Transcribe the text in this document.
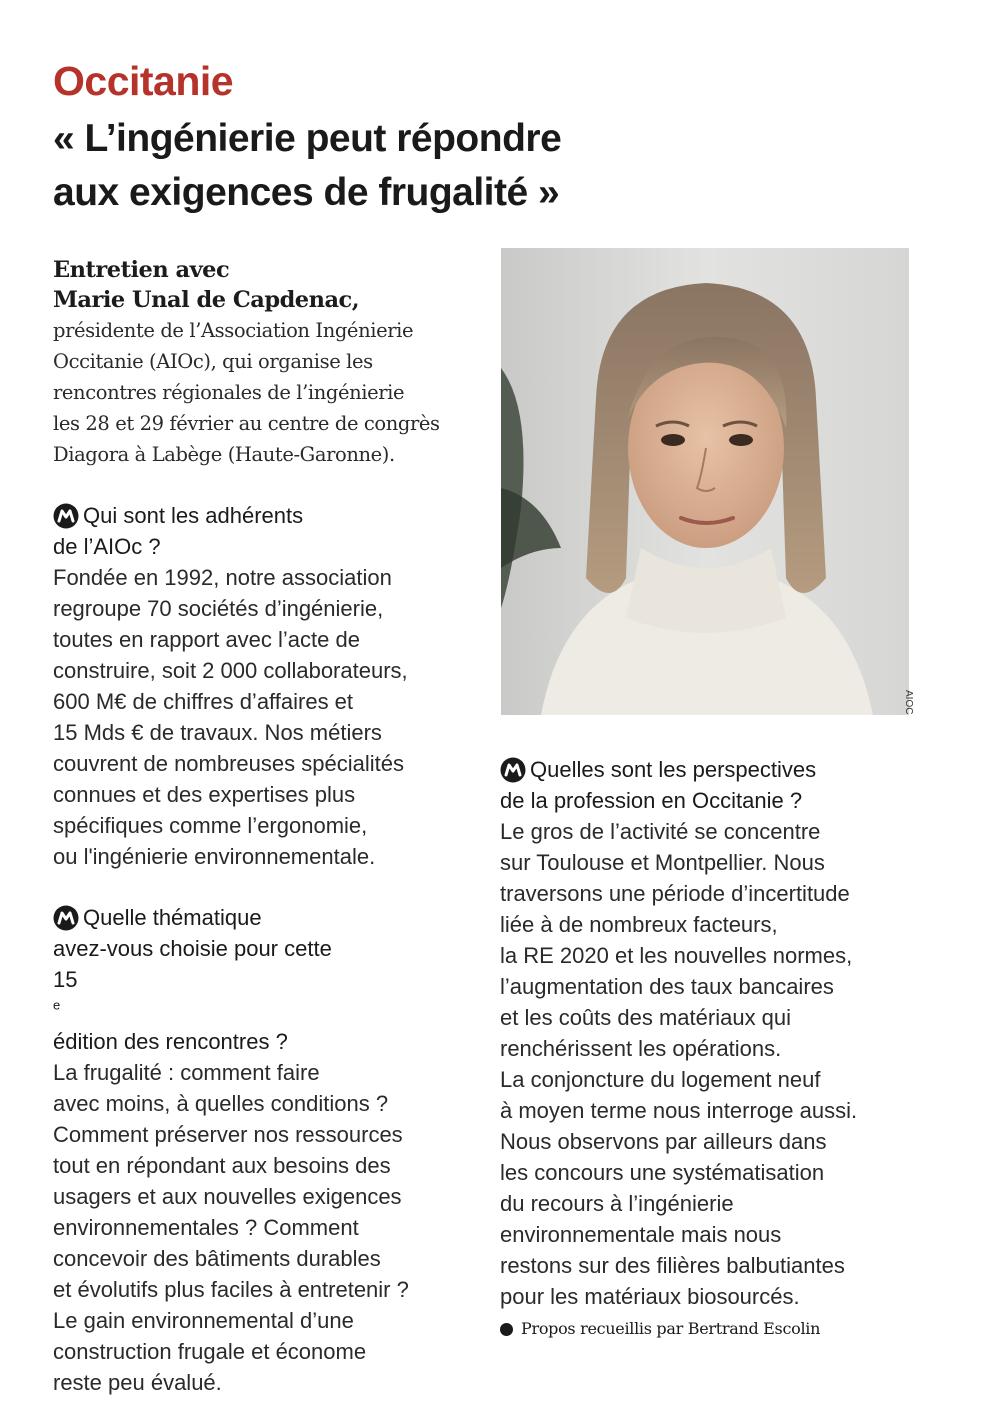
Occitanie
« L’ingénierie peut répondre
aux exigences de frugalité »
Entretien avec
Marie Unal de Capdenac,
présidente de l’Association Ingénierie
Occitanie (AIOc), qui organise les
rencontres régionales de l’ingénierie
les 28 et 29 février au centre de congrès
Diagora à Labège (Haute-Garonne).
Qui sont les adhérents
de l’AIOc ?
Fondée en 1992, notre association
regroupe 70 sociétés d’ingénierie,
toutes en rapport avec l’acte de
construire, soit 2 000 collaborateurs,
600 M€ de chiffres d’affaires et
15 Mds € de travaux. Nos métiers
couvrent de nombreuses spécialités
connues et des expertises plus
spécifiques comme l’ergonomie,
ou l'ingénierie environnementale.
Quelle thématique
avez-vous choisie pour cette
15
$^e$
édition des rencontres ?
La frugalité : comment faire
avec moins, à quelles conditions ?
Comment préserver nos ressources
tout en répondant aux besoins des
usagers et aux nouvelles exigences
environnementales ? Comment
concevoir des bâtiments durables
et évolutifs plus faciles à entretenir ?
Le gain environnemental d’une
construction frugale et économe
reste peu évalué.
AIOC
Quelles sont les perspectives
de la profession en Occitanie ?
Le gros de l’activité se concentre
sur Toulouse et Montpellier. Nous
traversons une période d’incertitude
liée à de nombreux facteurs,
la RE 2020 et les nouvelles normes,
l’augmentation des taux bancaires
et les coûts des matériaux qui
renchérissent les opérations.
La conjoncture du logement neuf
à moyen terme nous interroge aussi.
Nous observons par ailleurs dans
les concours une systématisation
du recours à l’ingénierie
environnementale mais nous
restons sur des filières balbutiantes
pour les matériaux biosourcés.
Propos recueillis par Bertrand Escolin
